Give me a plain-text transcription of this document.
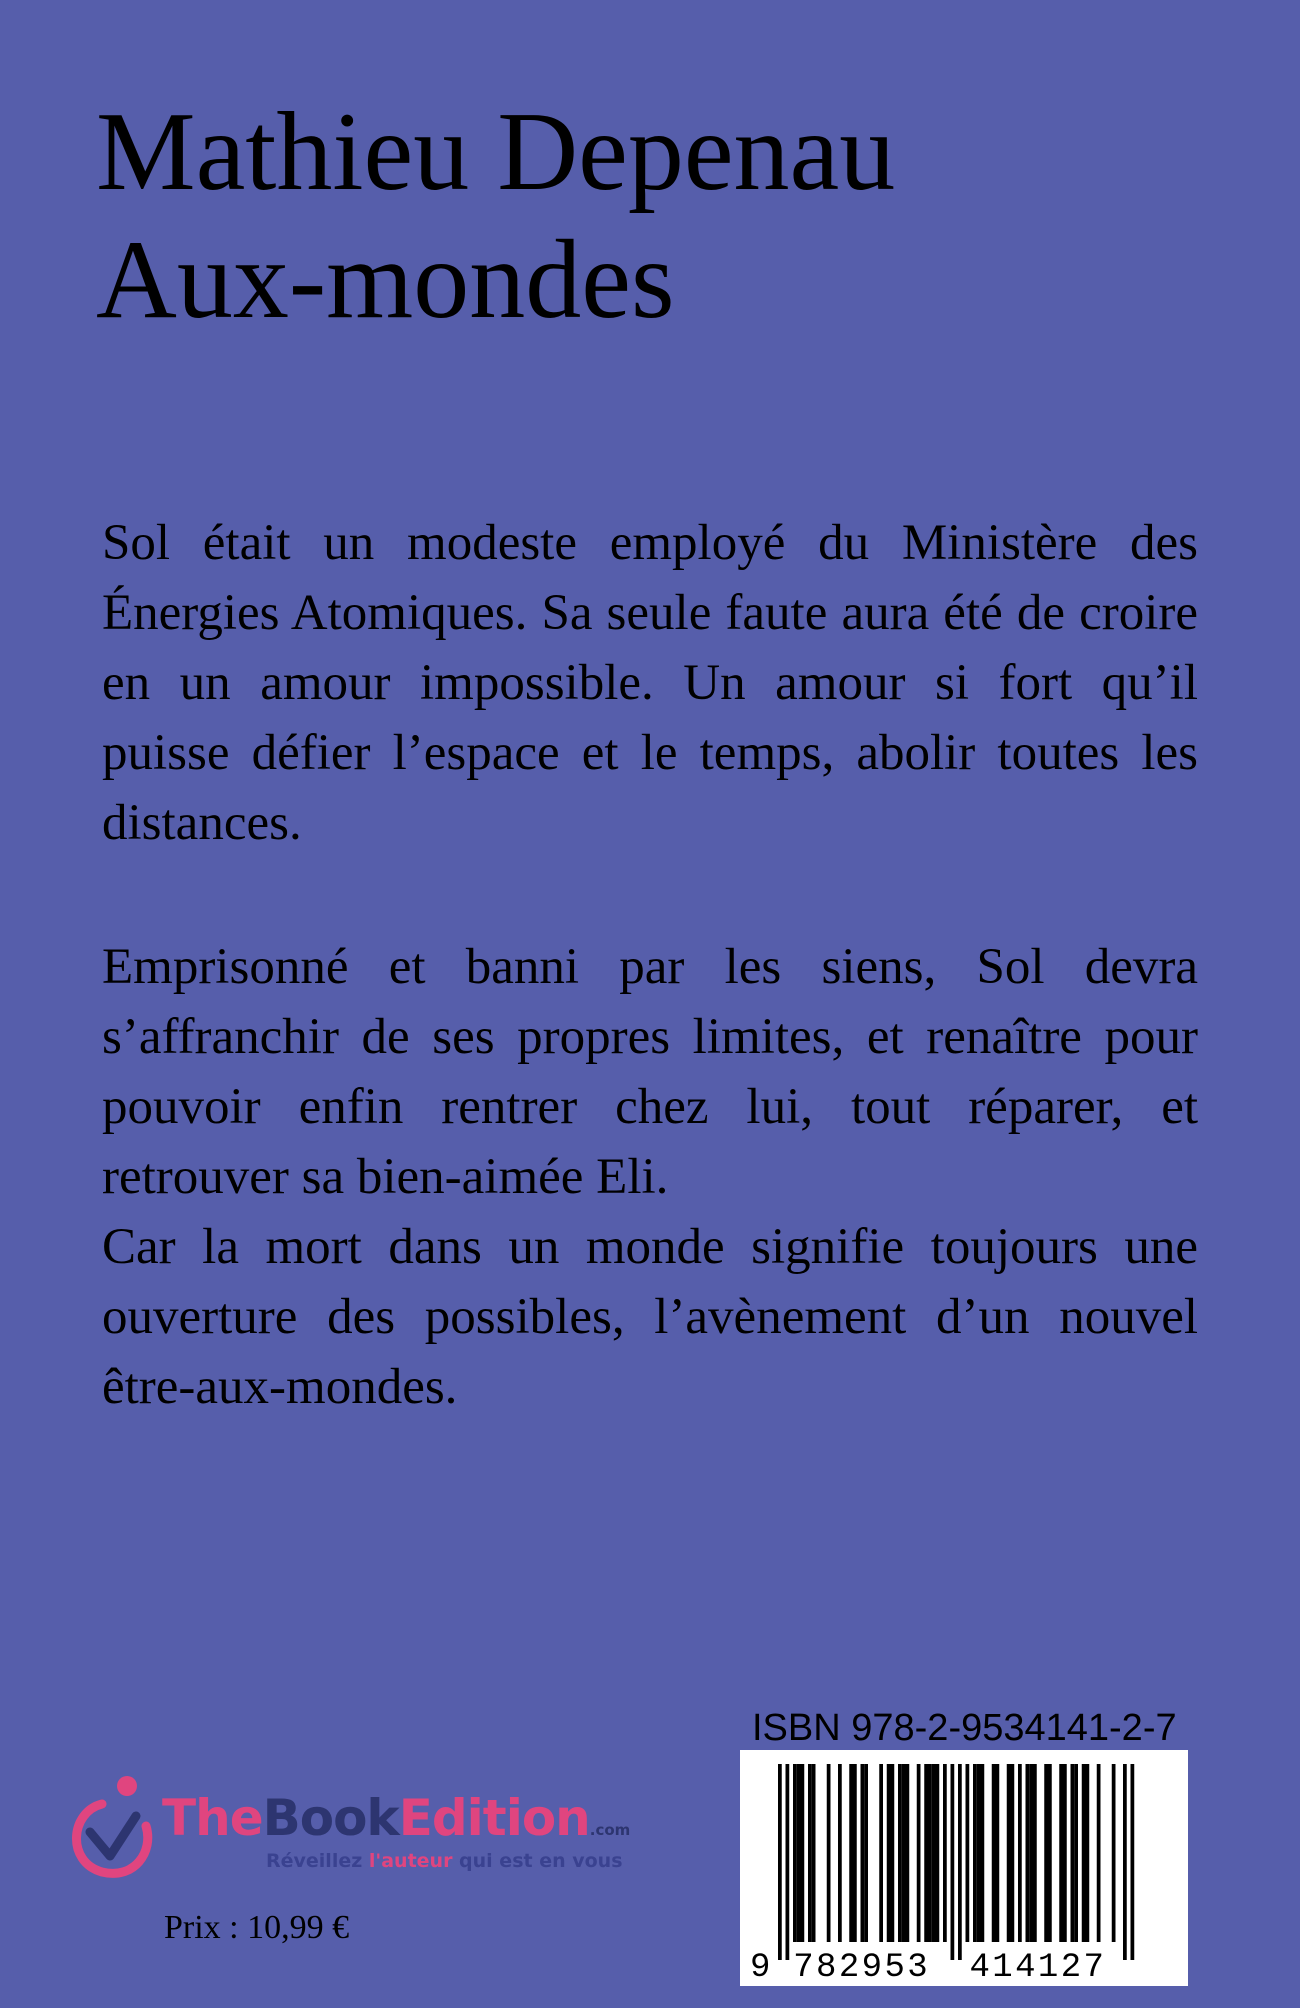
Mathieu Depenau
Aux-mondes

Sol était un modeste employé du Ministère des Énergies Atomiques. Sa seule faute aura été de croire en un amour impossible. Un amour si fort qu’il puisse défier l’espace et le temps, abolir toutes les distances.

Emprisonné et banni par les siens, Sol devra s’affranchir de ses propres limites, et renaître pour pouvoir enfin rentrer chez lui, tout réparer, et retrouver sa bien-aimée Eli.

Car la mort dans un monde signifie toujours une ouverture des possibles, l’avènement d’un nouvel être-aux-mondes.

TheBookEdition.com
Réveillez l'auteur qui est en vous
Prix : 10,99 €
ISBN 978-2-9534141-2-7
9 782953 414127
